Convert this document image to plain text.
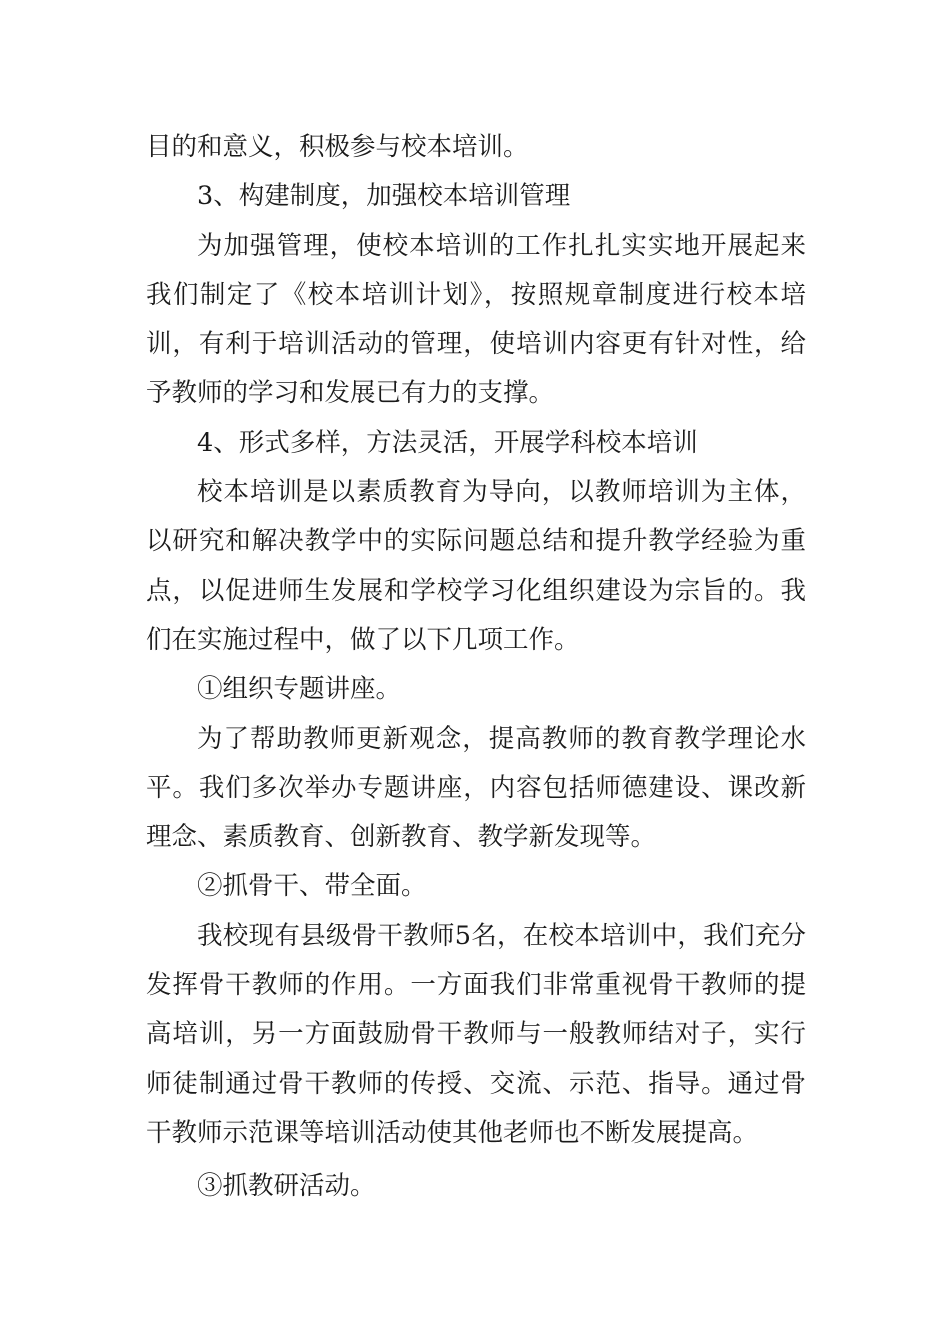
目的和意义，积极参与校本培训。

3、构建制度，加强校本培训管理

为加强管理，使校本培训的工作扎扎实实地开展起来我们制定了《校本培训计划》，按照规章制度进行校本培训，有利于培训活动的管理，使培训内容更有针对性，给予教师的学习和发展已有力的支撑。

4、形式多样，方法灵活，开展学科校本培训

校本培训是以素质教育为导向，以教师培训为主体，以研究和解决教学中的实际问题总结和提升教学经验为重点，以促进师生发展和学校学习化组织建设为宗旨的。我们在实施过程中，做了以下几项工作。

①组织专题讲座。

为了帮助教师更新观念，提高教师的教育教学理论水平。我们多次举办专题讲座，内容包括师德建设、课改新理念、素质教育、创新教育、教学新发现等。

②抓骨干、带全面。

我校现有县级骨干教师5名，在校本培训中，我们充分发挥骨干教师的作用。一方面我们非常重视骨干教师的提高培训，另一方面鼓励骨干教师与一般教师结对子，实行师徒制通过骨干教师的传授、交流、示范、指导。通过骨干教师示范课等培训活动使其他老师也不断发展提高。

③抓教研活动。
